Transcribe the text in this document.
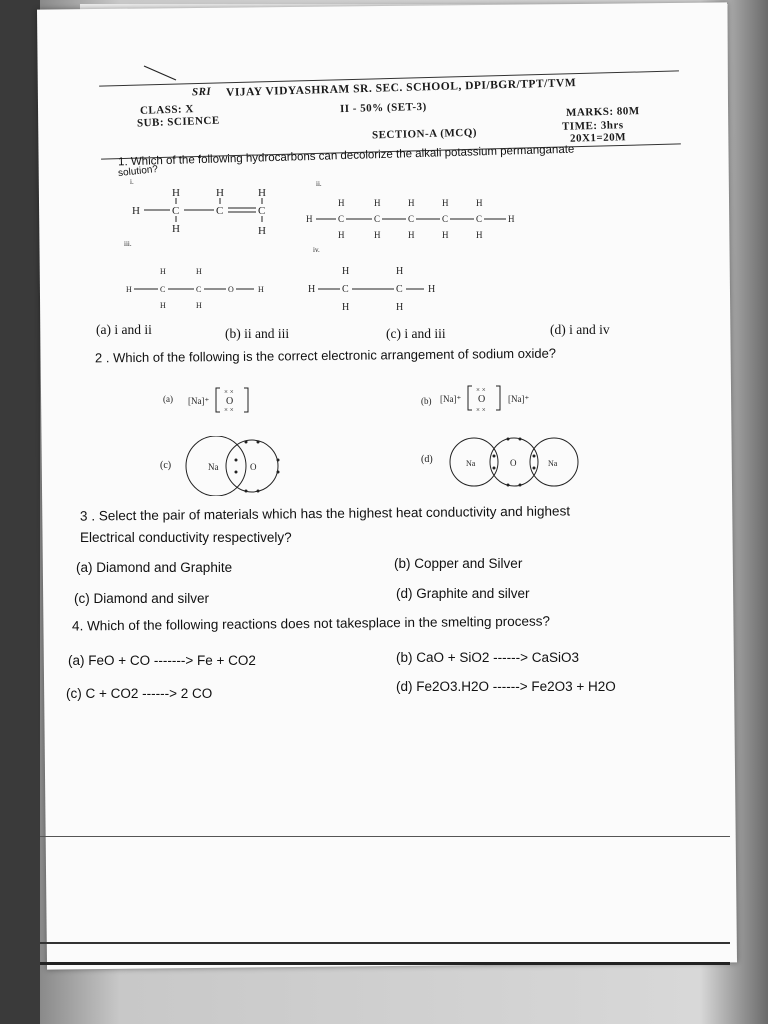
SRI VIJAY VIDYASHRAM SR. SEC. SCHOOL, DPI/BGR/TPT/TVM
CLASS: X
SUB: SCIENCE
II - 50% (SET-3)	MARKS: 80M
TIME: 3hrs
SECTION-A (MCQ)	20X1=20M
1. Which of the following hydrocarbons can decolorize the alkali potassium permanganate
solution?
i.	ii.
iii.
iv.
H	C	C	C
H	H	H
H	H
H	C	C	C	C	C	H
H	H	H	H	H
H	H	H	H	H
H	C	C	O	H
H	H
H	H
H	C	C	H
H	H
H	H
(a) i and ii	(b) ii and iii	(c) i and iii	(d) i and iv
2 . Which of the following is the correct electronic arrangement of sodium oxide?
(a) [Na]⁺ O
× ×
× ×
(b) [Na]⁺ O
× ×
× ×
[Na]⁺
(c)	Na	O
(d)	Na	O	Na
3 . Select the pair of materials which has the highest heat conductivity and highest
Electrical conductivity respectively?
(a) Diamond and Graphite	(b) Copper and Silver
(c) Diamond and silver	(d) Graphite and silver
4. Which of the following reactions does not takesplace in the smelting process?
(a) FeO + CO -------> Fe + CO2	(b) CaO + SiO2 ------> CaSiO3
(c) C + CO2 ------> 2 CO	(d) Fe2O3.H2O ------> Fe2O3 + H2O
